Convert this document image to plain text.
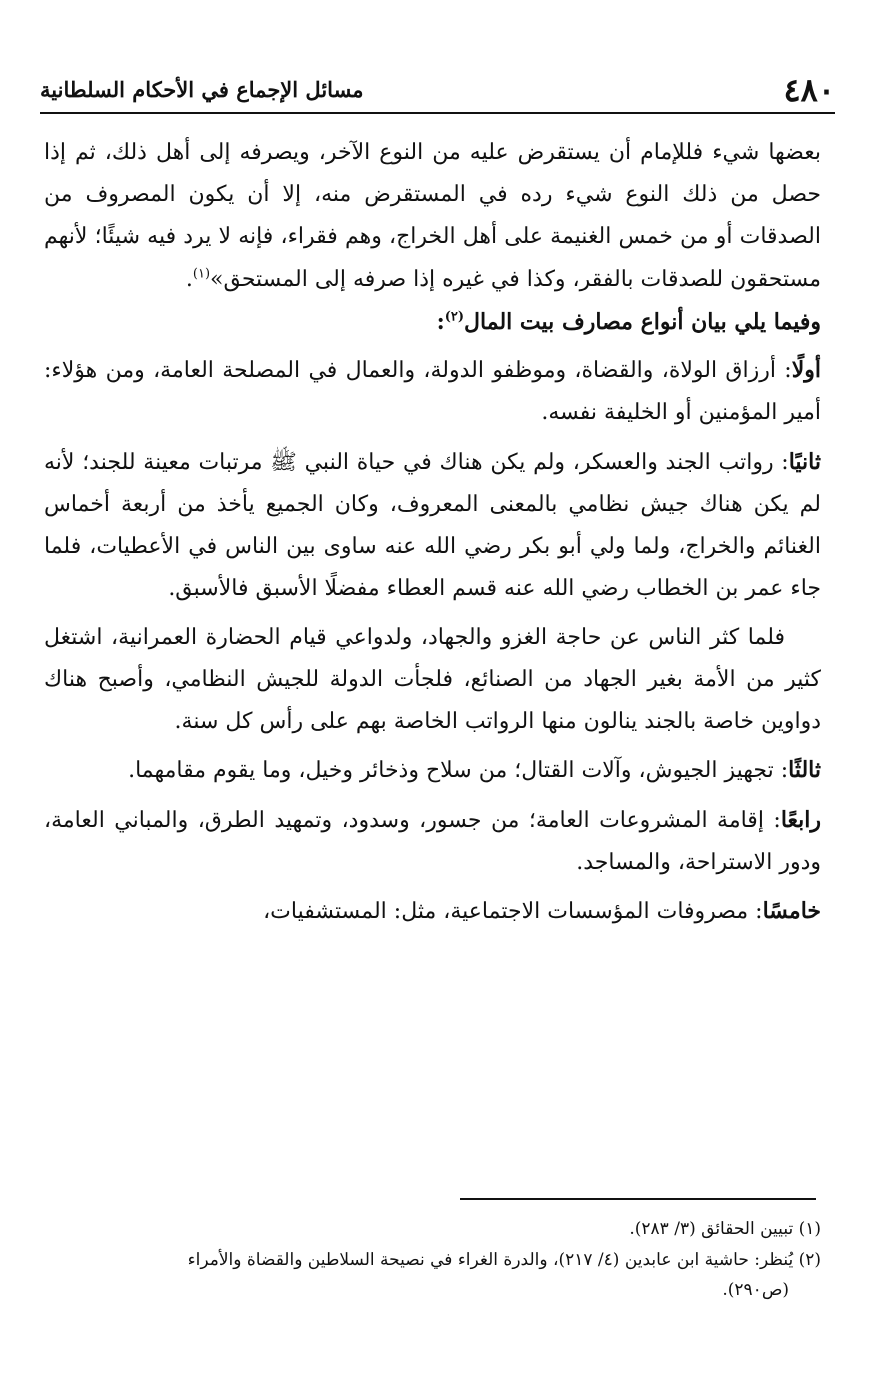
٤٨٠
مسائل الإجماع في الأحكام السلطانية

بعضها شيء فللإمام أن يستقرض عليه من النوع الآخر، ويصرفه إلى أهل ذلك، ثم إذا حصل من ذلك النوع شيء رده في المستقرض منه، إلا أن يكون المصروف من الصدقات أو من خمس الغنيمة على أهل الخراج، وهم فقراء، فإنه لا يرد فيه شيئًا؛ لأنهم مستحقون للصدقات بالفقر، وكذا في غيره إذا صرفه إلى المستحق»$^{(١)}$.

وفيما يلي بيان أنواع مصارف بيت المال$^{(٢)}$:

أولًا: أرزاق الولاة، والقضاة، وموظفو الدولة، والعمال في المصلحة العامة، ومن هؤلاء: أمير المؤمنين أو الخليفة نفسه.

ثانيًا: رواتب الجند والعسكر، ولم يكن هناك في حياة النبي ﷺ مرتبات معينة للجند؛ لأنه لم يكن هناك جيش نظامي بالمعنى المعروف، وكان الجميع يأخذ من أربعة أخماس الغنائم والخراج، ولما ولي أبو بكر رضي الله عنه ساوى بين الناس في الأعطيات، فلما جاء عمر بن الخطاب رضي الله عنه قسم العطاء مفضلًا الأسبق فالأسبق.

فلما كثر الناس عن حاجة الغزو والجهاد، ولدواعي قيام الحضارة العمرانية، اشتغل كثير من الأمة بغير الجهاد من الصنائع، فلجأت الدولة للجيش النظامي، وأصبح هناك دواوين خاصة بالجند ينالون منها الرواتب الخاصة بهم على رأس كل سنة.

ثالثًا: تجهيز الجيوش، وآلات القتال؛ من سلاح وذخائر وخيل، وما يقوم مقامهما.

رابعًا: إقامة المشروعات العامة؛ من جسور، وسدود، وتمهيد الطرق، والمباني العامة، ودور الاستراحة، والمساجد.

خامسًا: مصروفات المؤسسات الاجتماعية، مثل: المستشفيات،

(١) تبيين الحقائق (٣/ ٢٨٣).

(٢) يُنظر: حاشية ابن عابدين (٤/ ٢١٧)، والدرة الغراء في نصيحة السلاطين والقضاة والأمراء

(ص٢٩٠).
